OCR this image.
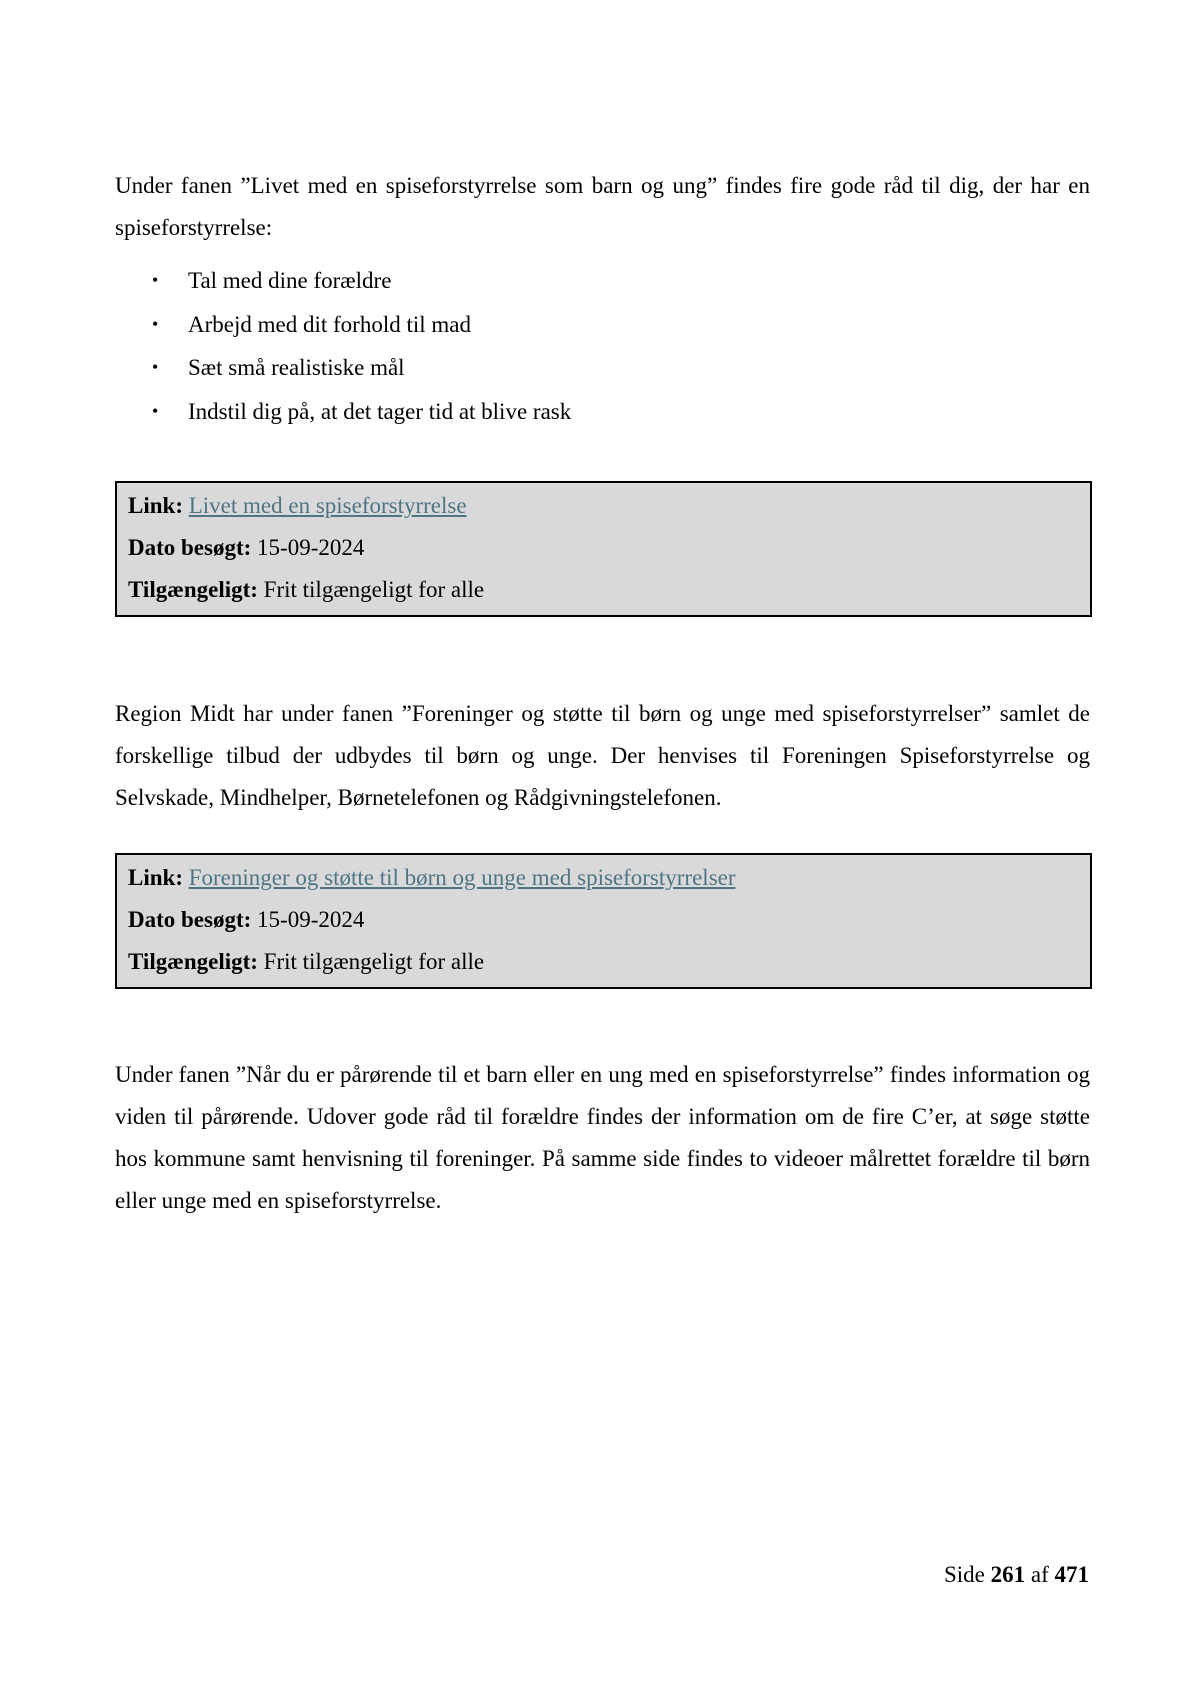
Under fanen ”Livet med en spiseforstyrrelse som barn og ung” findes fire gode råd til dig, der har en spiseforstyrrelse:

• Tal med dine forældre
• Arbejd med dit forhold til mad
• Sæt små realistiske mål
• Indstil dig på, at det tager tid at blive rask
Link: Livet med en spiseforstyrrelse
Dato besøgt: 15-09-2024
Tilgængeligt: Frit tilgængeligt for alle

Region Midt har under fanen ”Foreninger og støtte til børn og unge med spiseforstyrrelser” samlet de forskellige tilbud der udbydes til børn og unge. Der henvises til Foreningen Spiseforstyrrelse og Selvskade, Mindhelper, Børnetelefonen og Rådgivningstelefonen.

Link: Foreninger og støtte til børn og unge med spiseforstyrrelser
Dato besøgt: 15-09-2024
Tilgængeligt: Frit tilgængeligt for alle

Under fanen ”Når du er pårørende til et barn eller en ung med en spiseforstyrrelse” findes information og viden til pårørende. Udover gode råd til forældre findes der information om de fire C’er, at søge støtte hos kommune samt henvisning til foreninger. På samme side findes to videoer målrettet forældre til børn eller unge med en spiseforstyrrelse.

Side 261 af 471
